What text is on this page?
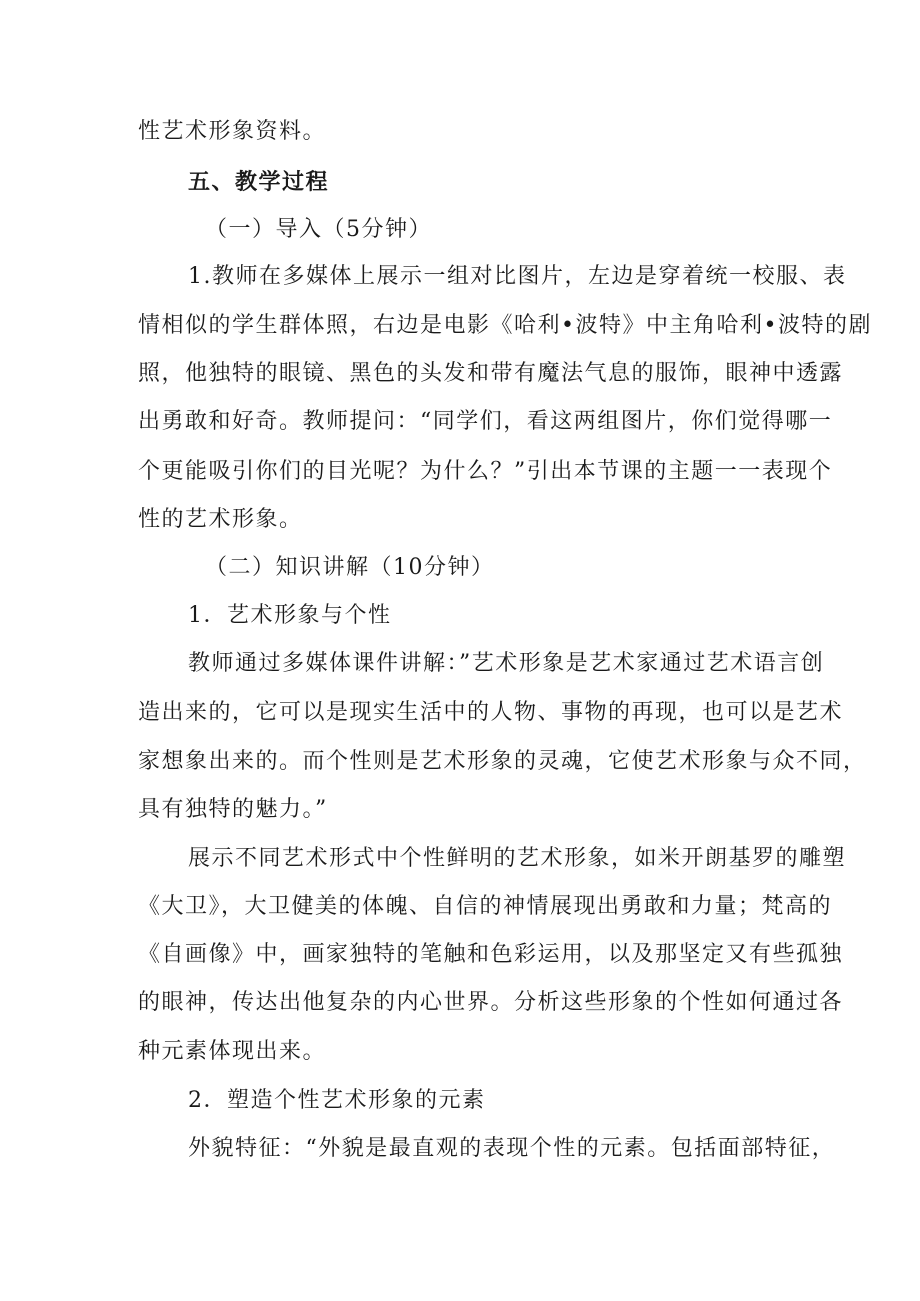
性艺术形象资料。
五、教学过程
（一）导入（5分钟）
1.教师在多媒体上展示一组对比图片，左边是穿着统一校服、表
情相似的学生群体照，右边是电影《哈利•波特》中主角哈利•波特的剧
照，他独特的眼镜、黑色的头发和带有魔法气息的服饰，眼神中透露
出勇敢和好奇。教师提问：“同学们，看这两组图片，你们觉得哪一
个更能吸引你们的目光呢？为什么？”引出本节课的主题一一表现个
性的艺术形象。
（二）知识讲解（10分钟）
1．艺术形象与个性
教师通过多媒体课件讲解：”艺术形象是艺术家通过艺术语言创
造出来的，它可以是现实生活中的人物、事物的再现，也可以是艺术
家想象出来的。而个性则是艺术形象的灵魂，它使艺术形象与众不同，
具有独特的魅力。”
展示不同艺术形式中个性鲜明的艺术形象，如米开朗基罗的雕塑
《大卫》，大卫健美的体魄、自信的神情展现出勇敢和力量；梵高的
《自画像》中，画家独特的笔触和色彩运用，以及那坚定又有些孤独
的眼神，传达出他复杂的内心世界。分析这些形象的个性如何通过各
种元素体现出来。
2．塑造个性艺术形象的元素
外貌特征：“外貌是最直观的表现个性的元素。包括面部特征，
